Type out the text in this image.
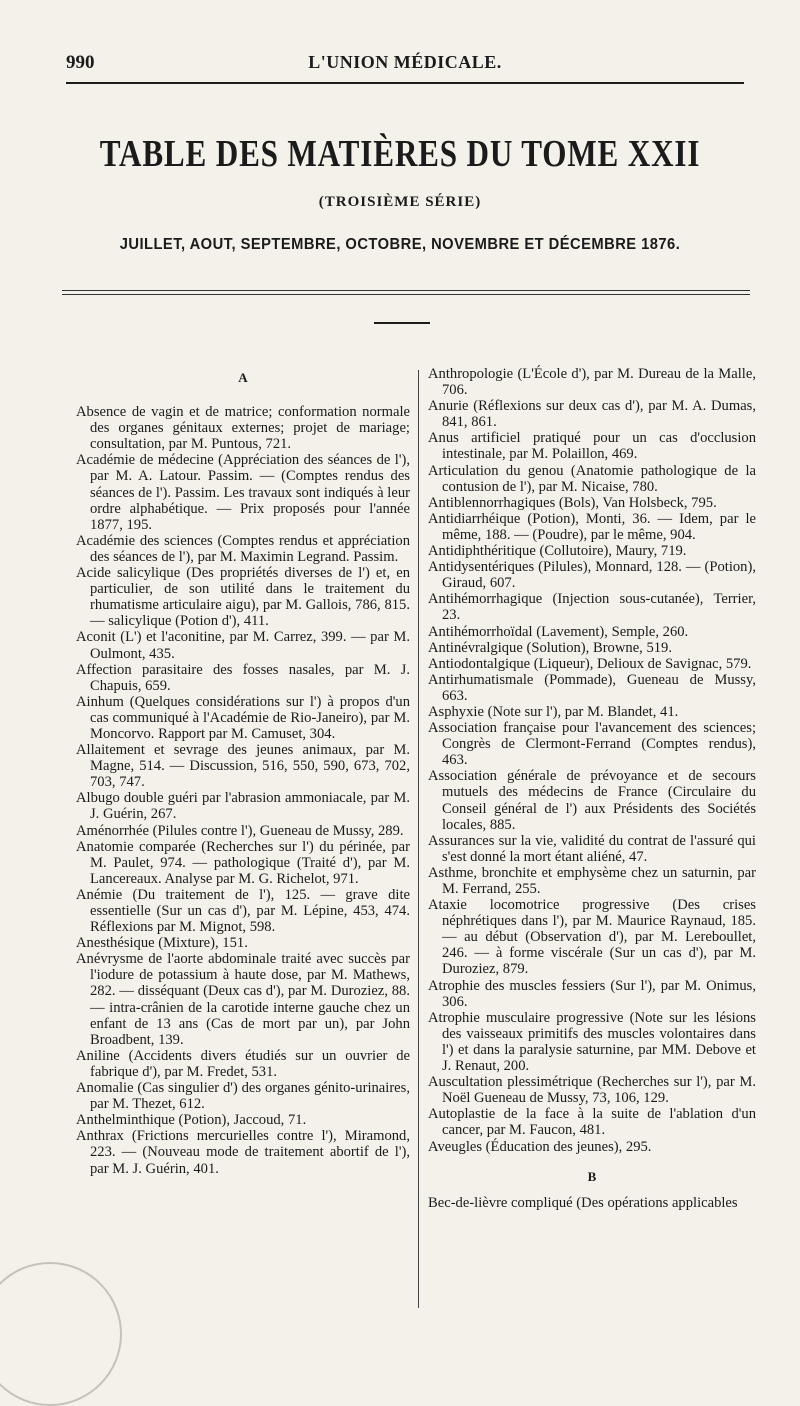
990	L'UNION MÉDICALE.
TABLE DES MATIÈRES DU TOME XXII
(TROISIÈME SÉRIE)
JUILLET, AOUT, SEPTEMBRE, OCTOBRE, NOVEMBRE ET DÉCEMBRE 1876.
A

Absence de vagin et de matrice; conformation normale des organes génitaux externes; projet de mariage; consultation, par M. Puntous, 721.

Académie de médecine (Appréciation des séances de l'), par M. A. Latour. Passim. — (Comptes rendus des séances de l'). Passim. Les travaux sont indiqués à leur ordre alphabétique. — Prix proposés pour l'année 1877, 195.

Académie des sciences (Comptes rendus et appréciation des séances de l'), par M. Maximin Legrand. Passim.

Acide salicylique (Des propriétés diverses de l') et, en particulier, de son utilité dans le traitement du rhumatisme articulaire aigu), par M. Gallois, 786, 815. — salicylique (Potion d'), 411.

Aconit (L') et l'aconitine, par M. Carrez, 399. — par M. Oulmont, 435.

Affection parasitaire des fosses nasales, par M. J. Chapuis, 659.

Ainhum (Quelques considérations sur l') à propos d'un cas communiqué à l'Académie de Rio-Janeiro), par M. Moncorvo. Rapport par M. Camuset, 304.

Allaitement et sevrage des jeunes animaux, par M. Magne, 514. — Discussion, 516, 550, 590, 673, 702, 703, 747.

Albugo double guéri par l'abrasion ammoniacale, par M. J. Guérin, 267.

Aménorrhée (Pilules contre l'), Gueneau de Mussy, 289.

Anatomie comparée (Recherches sur l') du périnée, par M. Paulet, 974. — pathologique (Traité d'), par M. Lancereaux. Analyse par M. G. Richelot, 971.

Anémie (Du traitement de l'), 125. — grave dite essentielle (Sur un cas d'), par M. Lépine, 453, 474. Réflexions par M. Mignot, 598.

Anesthésique (Mixture), 151.

Anévrysme de l'aorte abdominale traité avec succès par l'iodure de potassium à haute dose, par M. Mathews, 282. — disséquant (Deux cas d'), par M. Duroziez, 88. — intra-crânien de la carotide interne gauche chez un enfant de 13 ans (Cas de mort par un), par John Broadbent, 139.

Aniline (Accidents divers étudiés sur un ouvrier de fabrique d'), par M. Fredet, 531.

Anomalie (Cas singulier d') des organes génito-urinaires, par M. Thezet, 612.

Anthelminthique (Potion), Jaccoud, 71.

Anthrax (Frictions mercurielles contre l'), Miramond, 223. — (Nouveau mode de traitement abortif de l'), par M. J. Guérin, 401.

Anthropologie (L'École d'), par M. Dureau de la Malle, 706.

Anurie (Réflexions sur deux cas d'), par M. A. Dumas, 841, 861.

Anus artificiel pratiqué pour un cas d'occlusion intestinale, par M. Polaillon, 469.

Articulation du genou (Anatomie pathologique de la contusion de l'), par M. Nicaise, 780.

Antiblennorrhagiques (Bols), Van Holsbeck, 795.

Antidiarrhéique (Potion), Monti, 36. — Idem, par le même, 188. — (Poudre), par le même, 904.

Antidiphthéritique (Collutoire), Maury, 719.

Antidysentériques (Pilules), Monnard, 128. — (Potion), Giraud, 607.

Antihémorrhagique (Injection sous-cutanée), Terrier, 23.

Antihémorrhoïdal (Lavement), Semple, 260.

Antinévralgique (Solution), Browne, 519.

Antiodontalgique (Liqueur), Delioux de Savignac, 579.

Antirhumatismale (Pommade), Gueneau de Mussy, 663.

Asphyxie (Note sur l'), par M. Blandet, 41.

Association française pour l'avancement des sciences; Congrès de Clermont-Ferrand (Comptes rendus), 463.

Association générale de prévoyance et de secours mutuels des médecins de France (Circulaire du Conseil général de l') aux Présidents des Sociétés locales, 885.

Assurances sur la vie, validité du contrat de l'assuré qui s'est donné la mort étant aliéné, 47.

Asthme, bronchite et emphysème chez un saturnin, par M. Ferrand, 255.

Ataxie locomotrice progressive (Des crises néphrétiques dans l'), par M. Maurice Raynaud, 185. — au début (Observation d'), par M. Lereboullet, 246. — à forme viscérale (Sur un cas d'), par M. Duroziez, 879.

Atrophie des muscles fessiers (Sur l'), par M. Onimus, 306.

Atrophie musculaire progressive (Note sur les lésions des vaisseaux primitifs des muscles volontaires dans l') et dans la paralysie saturnine, par MM. Debove et J. Renaut, 200.

Auscultation plessimétrique (Recherches sur l'), par M. Noël Gueneau de Mussy, 73, 106, 129.

Autoplastie de la face à la suite de l'ablation d'un cancer, par M. Faucon, 481.

Aveugles (Éducation des jeunes), 295.

B

Bec-de-lièvre compliqué (Des opérations applicables
